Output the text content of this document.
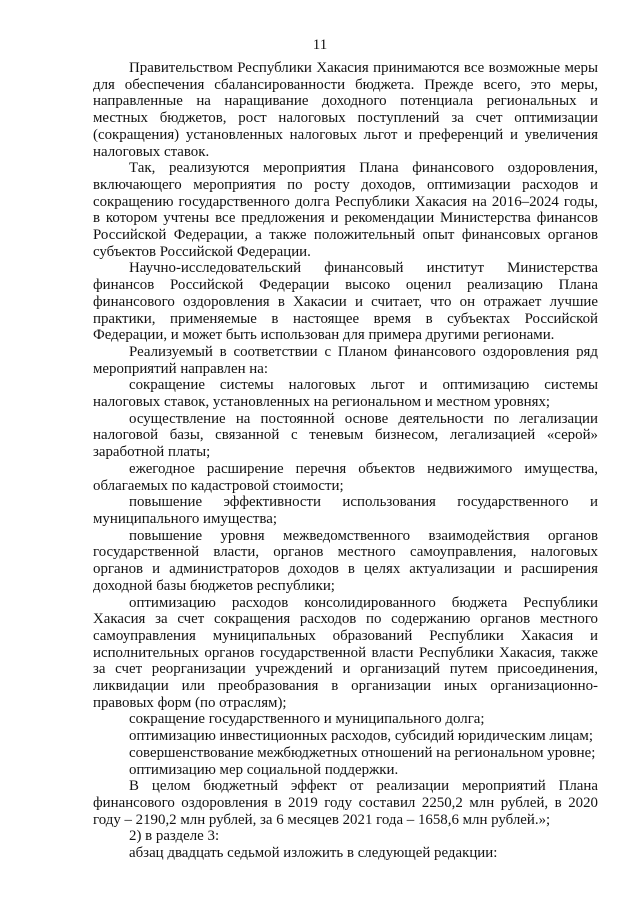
11

Правительством Республики Хакасия принимаются все возможные меры для обеспечения сбалансированности бюджета. Прежде всего, это меры, направленные на наращивание доходного потенциала региональных и местных бюджетов, рост налоговых поступлений за счет оптимизации (сокращения) установленных налоговых льгот и преференций и увеличения налоговых ставок.

Так, реализуются мероприятия Плана финансового оздоровления, включающего мероприятия по росту доходов, оптимизации расходов и сокращению государственного долга Республики Хакасия на 2016–2024 годы, в котором учтены все предложения и рекомендации Министерства финансов Российской Федерации, а также положительный опыт финансовых органов субъектов Российской Федерации.

Научно-исследовательский финансовый институт Министерства финансов Российской Федерации высоко оценил реализацию Плана финансового оздоровления в Хакасии и считает, что он отражает лучшие практики, применяемые в настоящее время в субъектах Российской Федерации, и может быть использован для примера другими регионами.

Реализуемый в соответствии с Планом финансового оздоровления ряд мероприятий направлен на:

сокращение системы налоговых льгот и оптимизацию системы налоговых ставок, установленных на региональном и местном уровнях;

осуществление на постоянной основе деятельности по легализации налоговой базы, связанной с теневым бизнесом, легализацией «серой» заработной платы;

ежегодное расширение перечня объектов недвижимого имущества, облагаемых по кадастровой стоимости;

повышение эффективности использования государственного и муниципального имущества;

повышение уровня межведомственного взаимодействия органов государственной власти, органов местного самоуправления, налоговых органов и администраторов доходов в целях актуализации и расширения доходной базы бюджетов республики;

оптимизацию расходов консолидированного бюджета Республики Хакасия за счет сокращения расходов по содержанию органов местного самоуправления муниципальных образований Республики Хакасия и исполнительных органов государственной власти Республики Хакасия, также за счет реорганизации учреждений и организаций путем присоединения, ликвидации или преобразования в организации иных организационно-правовых форм (по отраслям);

сокращение государственного и муниципального долга;

оптимизацию инвестиционных расходов, субсидий юридическим лицам;

совершенствование межбюджетных отношений на региональном уровне;

оптимизацию мер социальной поддержки.

В целом бюджетный эффект от реализации мероприятий Плана финансового оздоровления в 2019 году составил 2250,2 млн рублей, в 2020 году – 2190,2 млн рублей, за 6 месяцев 2021 года – 1658,6 млн рублей.»;

2) в разделе 3:

абзац двадцать седьмой изложить в следующей редакции:
